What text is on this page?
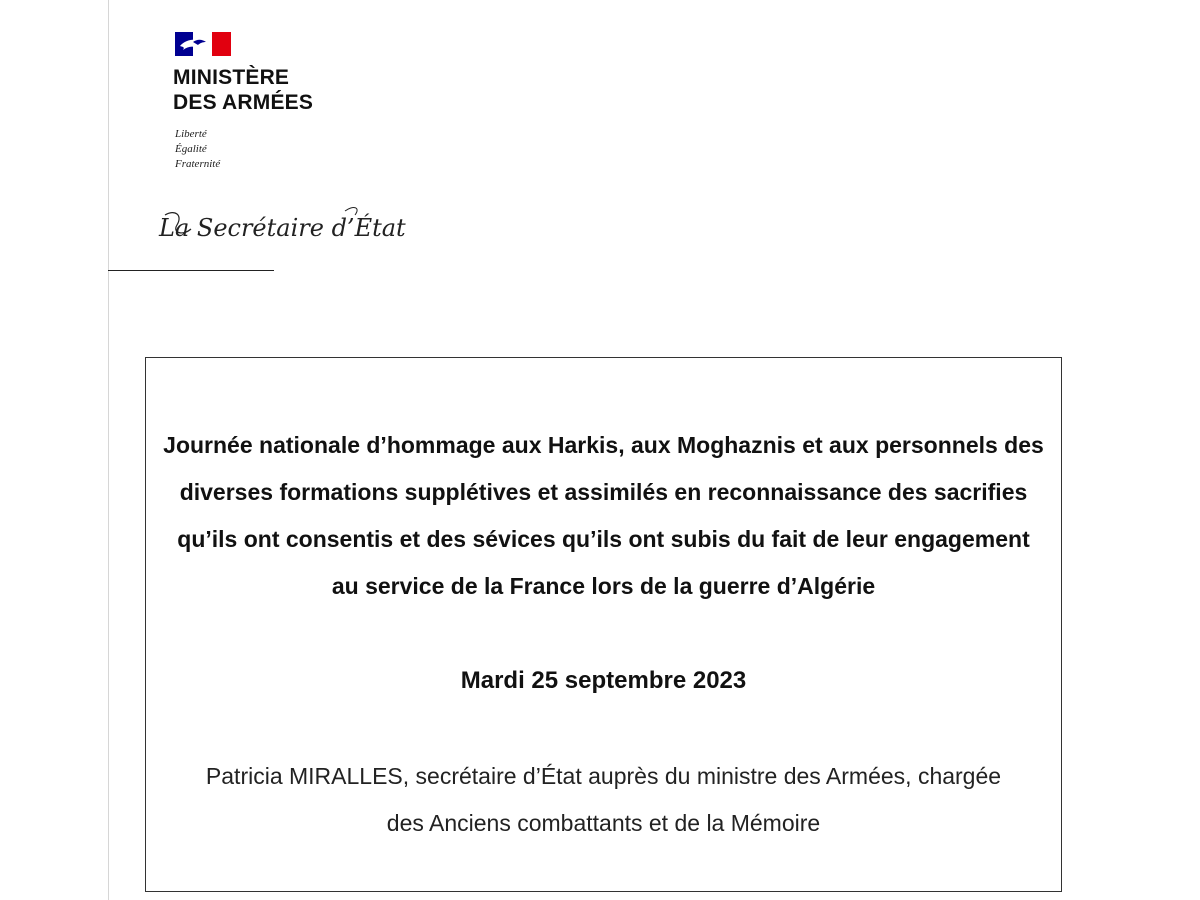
MINISTÈRE
DES ARMÉES
Liberté
Égalité
Fraternité
La Secrétaire d’État
Journée nationale d’hommage aux Harkis, aux Moghaznis et aux personnels des
diverses formations supplétives et assimilés en reconnaissance des sacrifies
qu’ils ont consentis et des sévices qu’ils ont subis du fait de leur engagement
au service de la France lors de la guerre d’Algérie
Mardi 25 septembre 2023
Patricia MIRALLES, secrétaire d’État auprès du ministre des Armées, chargée
des Anciens combattants et de la Mémoire
